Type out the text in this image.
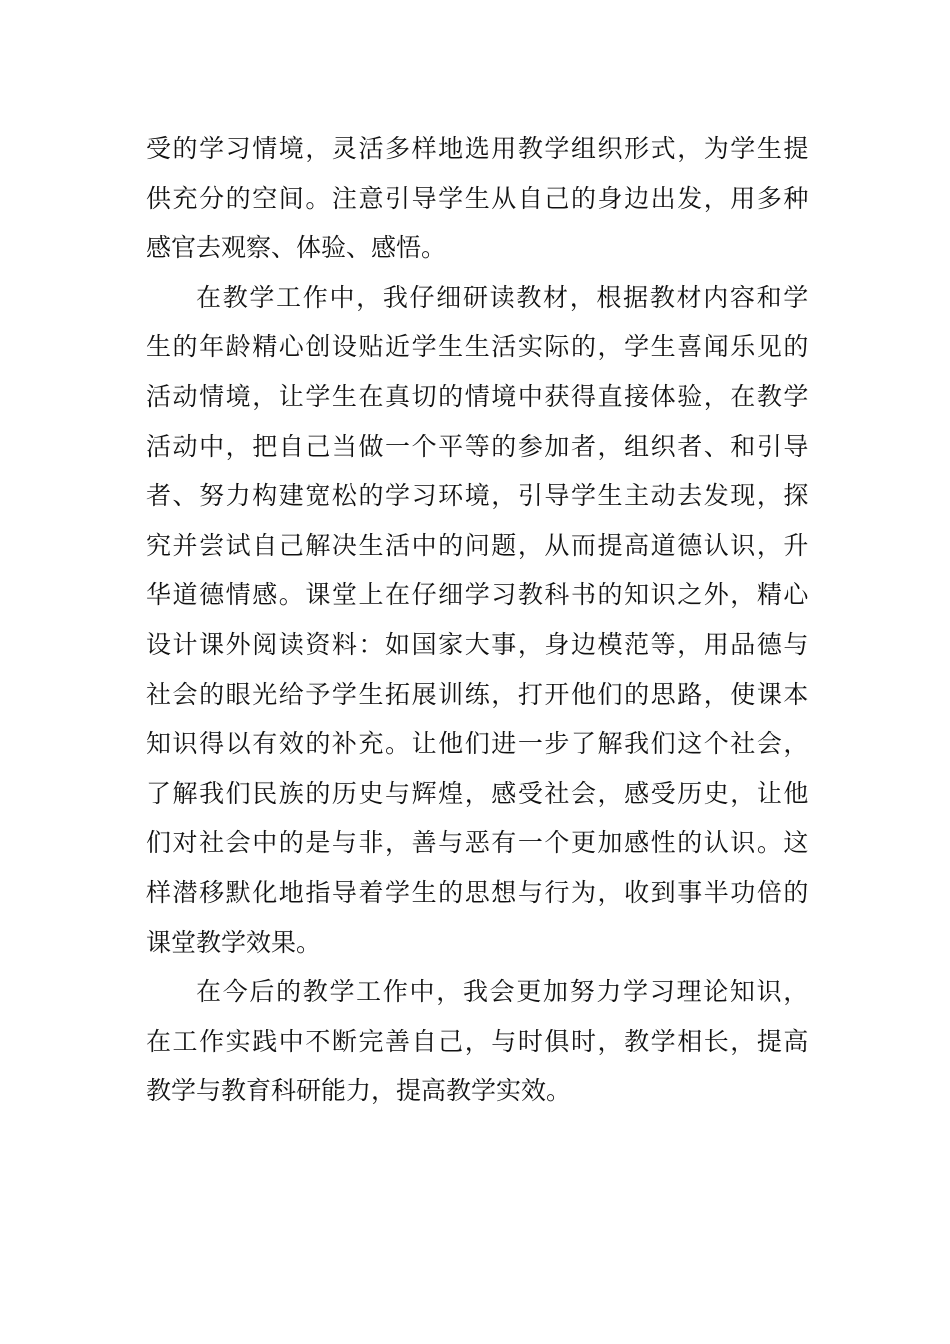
受的学习情境，灵活多样地选用教学组织形式，为学生提
供充分的空间。注意引导学生从自己的身边出发，用多种
感官去观察、体验、感悟。

在教学工作中，我仔细研读教材，根据教材内容和学
生的年龄精心创设贴近学生生活实际的，学生喜闻乐见的
活动情境，让学生在真切的情境中获得直接体验，在教学
活动中，把自己当做一个平等的参加者，组织者、和引导
者、努力构建宽松的学习环境，引导学生主动去发现，探
究并尝试自己解决生活中的问题，从而提高道德认识，升
华道德情感。课堂上在仔细学习教科书的知识之外，精心
设计课外阅读资料：如国家大事，身边模范等，用品德与
社会的眼光给予学生拓展训练，打开他们的思路，使课本
知识得以有效的补充。让他们进一步了解我们这个社会，
了解我们民族的历史与辉煌，感受社会，感受历史，让他
们对社会中的是与非，善与恶有一个更加感性的认识。这
样潜移默化地指导着学生的思想与行为，收到事半功倍的
课堂教学效果。

在今后的教学工作中，我会更加努力学习理论知识，
在工作实践中不断完善自己，与时俱时，教学相长，提高
教学与教育科研能力，提高教学实效。
